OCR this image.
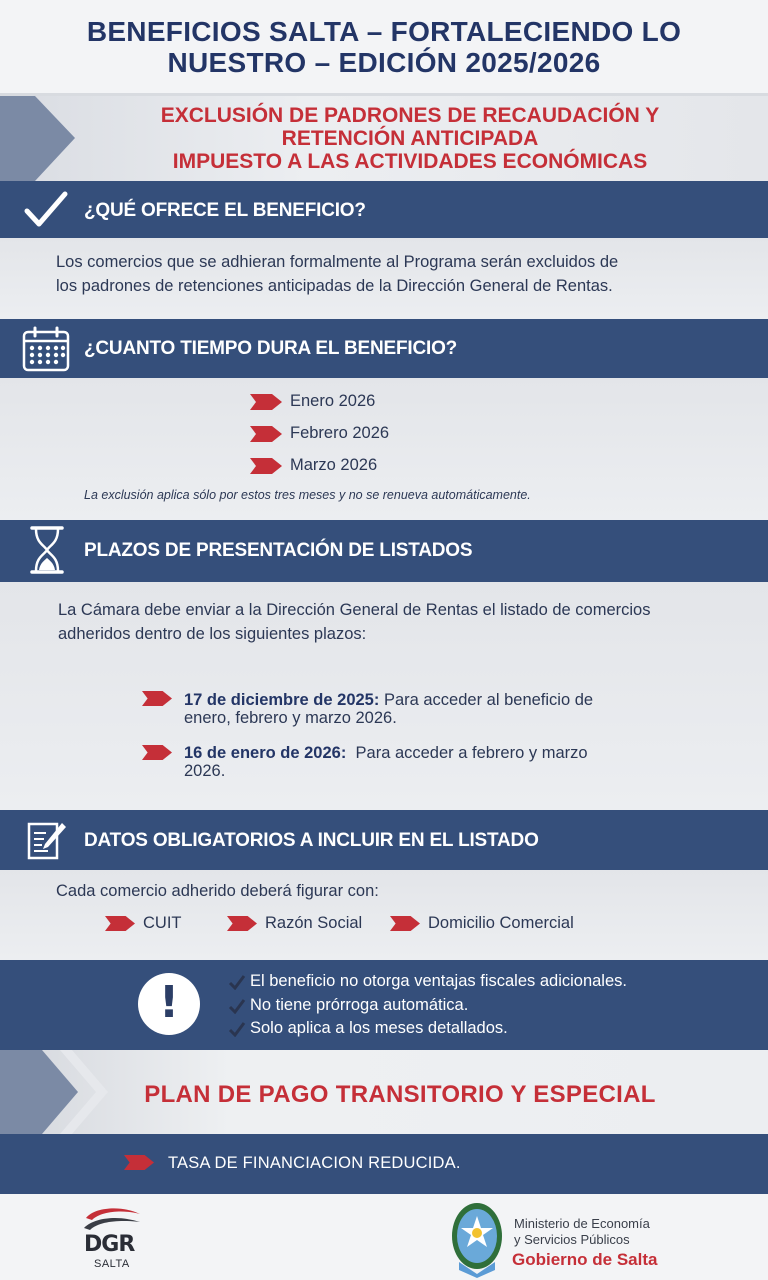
BENEFICIOS SALTA – FORTALECIENDO LO
NUESTRO – EDICIÓN 2025/2026
EXCLUSIÓN DE PADRONES DE RECAUDACIÓN Y
RETENCIÓN ANTICIPADA
IMPUESTO A LAS ACTIVIDADES ECONÓMICAS
¿QUÉ OFRECE EL BENEFICIO?
Los comercios que se adhieran formalmente al Programa serán excluidos de
los padrones de retenciones anticipadas de la Dirección General de Rentas.
¿CUANTO TIEMPO DURA EL BENEFICIO?
Enero 2026
Febrero 2026
Marzo 2026
La exclusión aplica sólo por estos tres meses y no se renueva automáticamente.
PLAZOS DE PRESENTACIÓN DE LISTADOS
La Cámara debe enviar a la Dirección General de Rentas el listado de comercios
adheridos dentro de los siguientes plazos:
17 de diciembre de 2025: Para acceder al beneficio de
enero, febrero y marzo 2026.
16 de enero de 2026:  Para acceder a febrero y marzo
2026.
DATOS OBLIGATORIOS A INCLUIR EN EL LISTADO
Cada comercio adherido deberá figurar con:
CUIT	Razón Social	Domicilio Comercial
!	El beneficio no otorga ventajas fiscales adicionales.
No tiene prórroga automática.
Solo aplica a los meses detallados.
PLAN DE PAGO TRANSITORIO Y ESPECIAL
TASA DE FINANCIACION REDUCIDA.
DGR
SALTA
Ministerio de Economía
y Servicios Públicos
Gobierno de Salta
